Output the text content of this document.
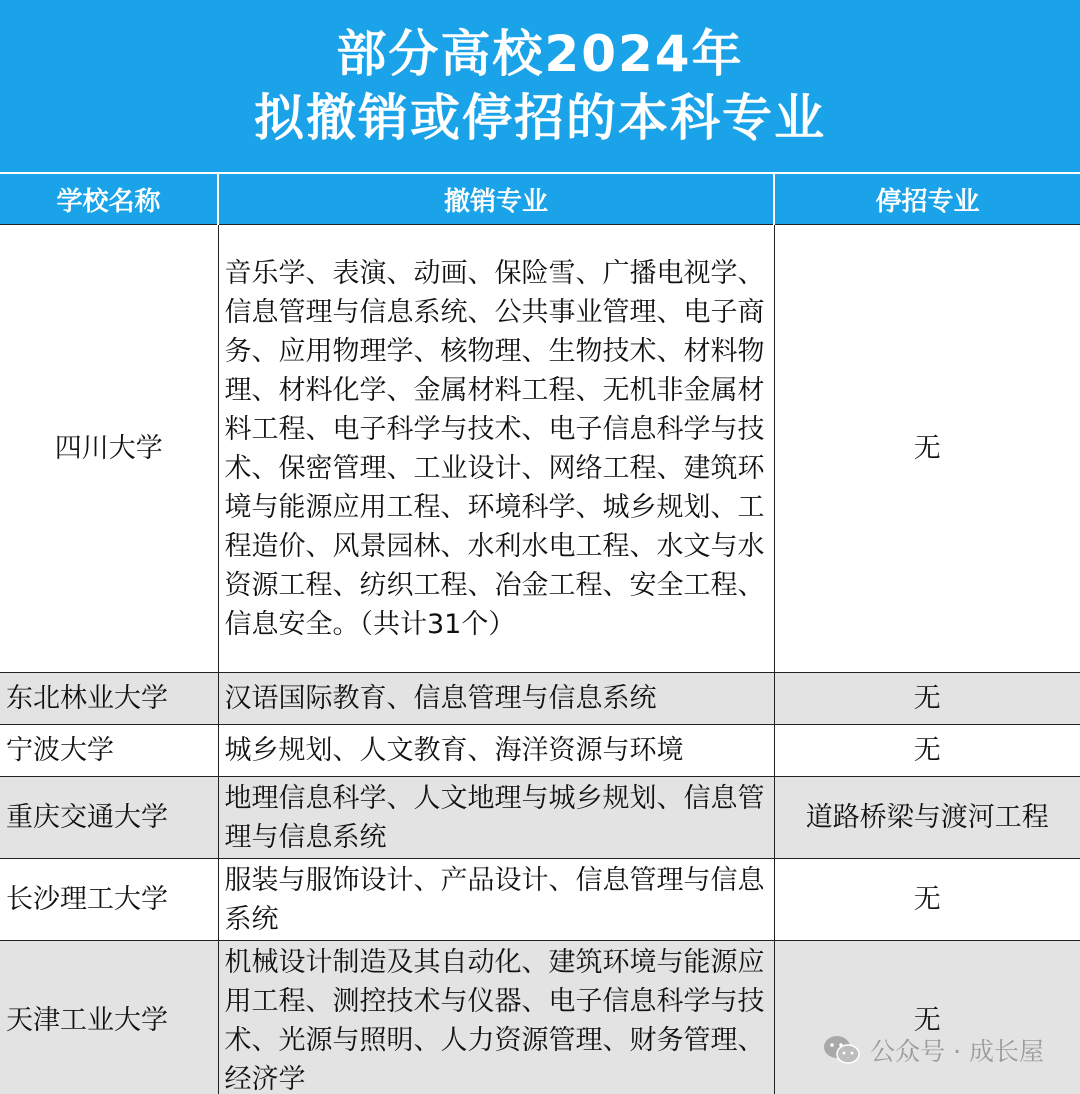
部分高校2024年
拟撤销或停招的本科专业
学校名称	撤销专业	停招专业
四川大学	音乐学、表演、动画、保险雪、广播电视学、信息管理与信息系统、公共事业管理、电子商务、应用物理学、核物理、生物技术、材料物理、材料化学、金属材料工程、无机非金属材料工程、电子科学与技术、电子信息科学与技术、保密管理、工业设计、网络工程、建筑环境与能源应用工程、环境科学、城乡规划、工程造价、风景园林、水利水电工程、水文与水资源工程、纺织工程、冶金工程、安全工程、信息安全。（共计31个）	无
东北林业大学	汉语国际教育、信息管理与信息系统	无
宁波大学	城乡规划、人文教育、海洋资源与环境	无
重庆交通大学	地理信息科学、人文地理与城乡规划、信息管理与信息系统	道路桥梁与渡河工程
长沙理工大学	服装与服饰设计、产品设计、信息管理与信息系统	无
天津工业大学	机械设计制造及其自动化、建筑环境与能源应用工程、测控技术与仪器、电子信息科学与技术、光源与照明、人力资源管理、财务管理、经济学	无
公众号 · 成长屋
